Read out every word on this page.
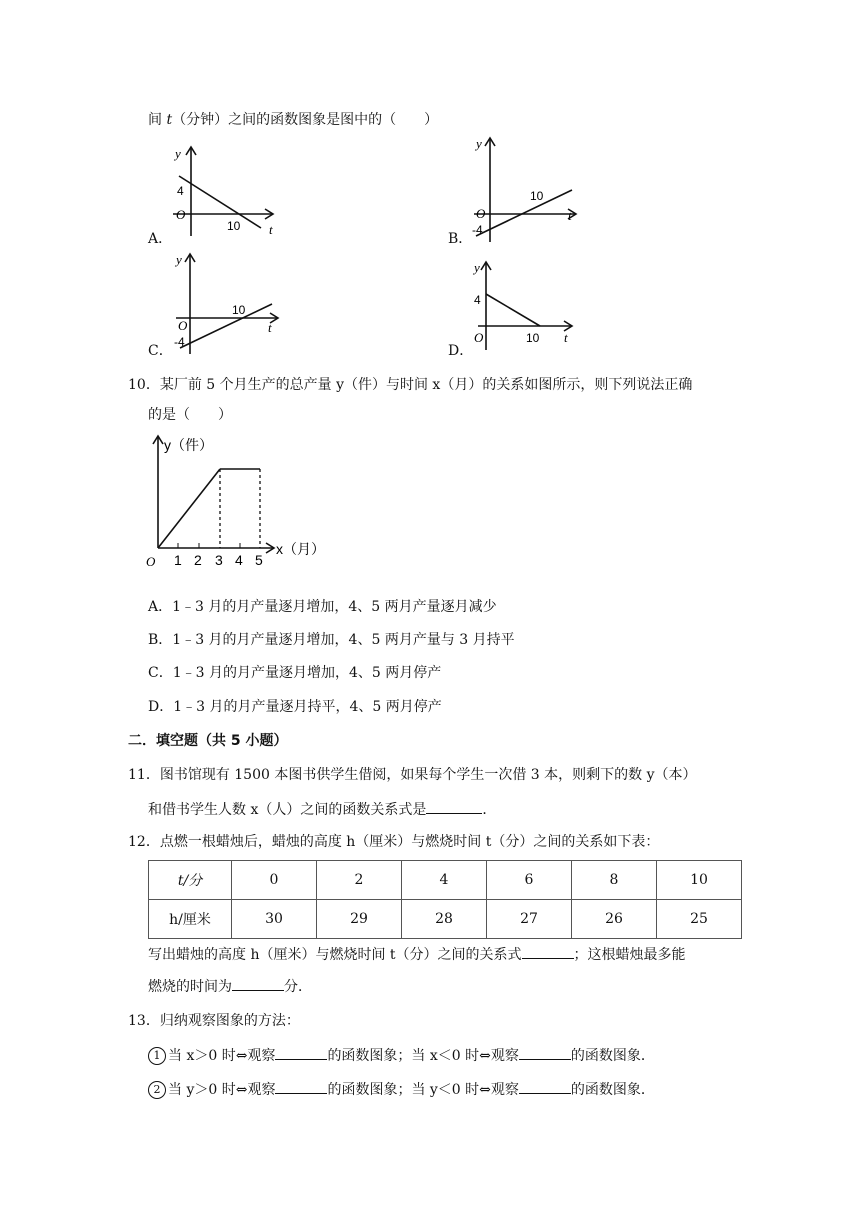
间 t（分钟）之间的函数图象是图中的（　　）
A．
y
t
O
4
10
B．
y
t
O
-4
10
C．
y
t
O
-4
10
D．
y
t
O
4
10
10．某厂前 5 个月生产的总产量 y（件）与时间 x（月）的关系如图所示，则下列说法正确
的是（　　）
y（件）
x（月）
O 1 2 3 4 5
A．1﹣3 月的月产量逐月增加，4、5 两月产量逐月减少
B．1﹣3 月的月产量逐月增加，4、5 两月产量与 3 月持平
C．1﹣3 月的月产量逐月增加，4、5 两月停产
D．1﹣3 月的月产量逐月持平，4、5 两月停产
二．填空题（共 5 小题）
11．图书馆现有 1500 本图书供学生借阅，如果每个学生一次借 3 本，则剩下的数 y（本）
和借书学生人数 x（人）之间的函数关系式是	．
12．点燃一根蜡烛后，蜡烛的高度 h（厘米）与燃烧时间 t（分）之间的关系如下表：
t/分	0	2	4	6	8	10
h/厘米	30	29	28	27	26	25
写出蜡烛的高度 h（厘米）与燃烧时间 t（分）之间的关系式	；这根蜡烛最多能
燃烧的时间为	分．
13．归纳观察图象的方法：
1 当 x＞0 时⇔观察	的函数图象；当 x＜0 时⇔观察	的函数图象．
2 当 y＞0 时⇔观察	的函数图象；当 y＜0 时⇔观察	的函数图象．
